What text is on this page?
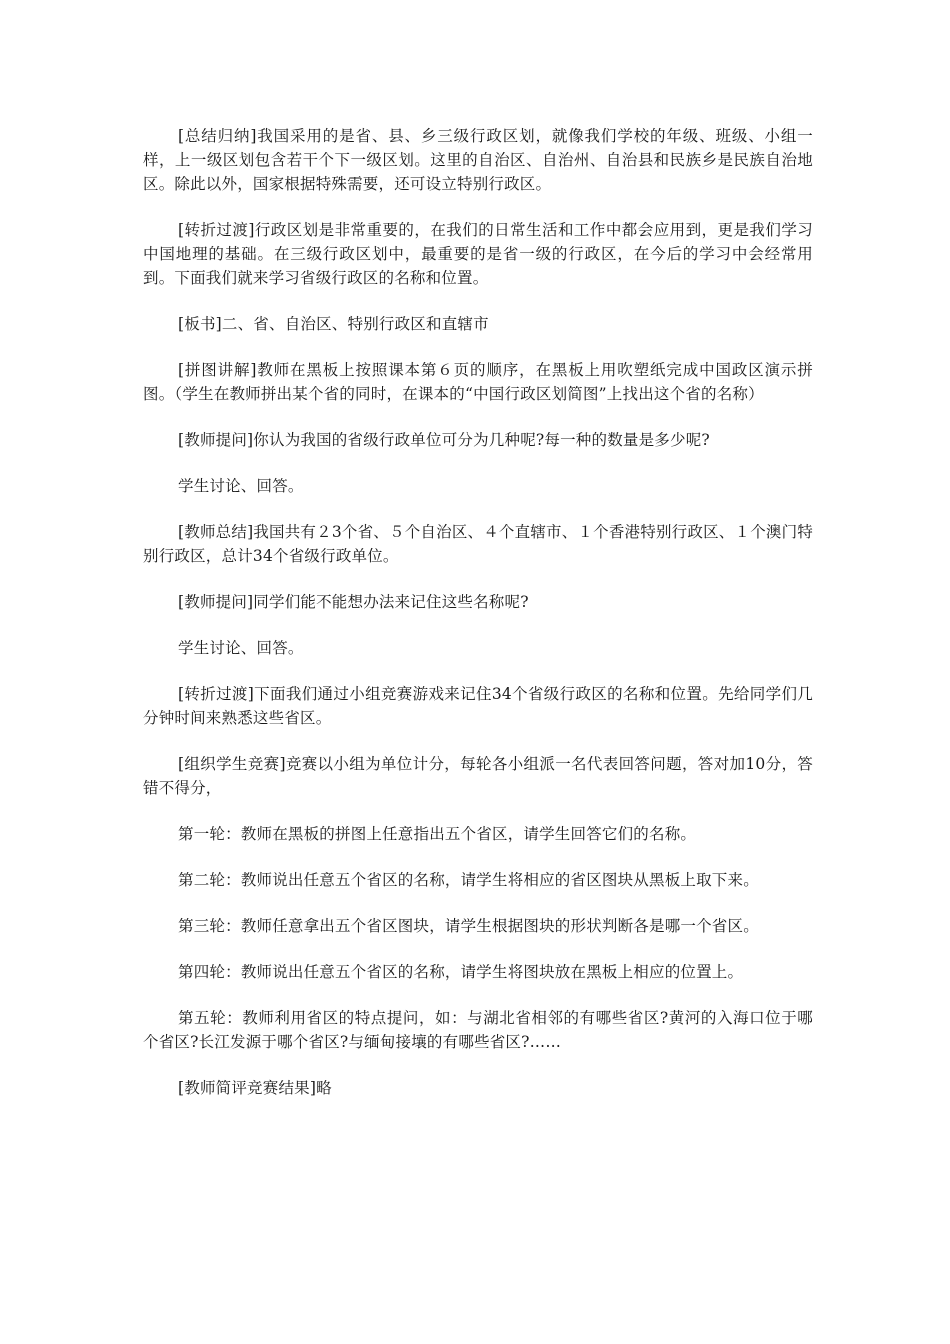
[总结归纳]我国采用的是省、县、乡三级行政区划，就像我们学校的年级、班级、小组一样，上一级区划包含若干个下一级区划。这里的自治区、自治州、自治县和民族乡是民族自治地区。除此以外，国家根据特殊需要，还可设立特别行政区。

[转折过渡]行政区划是非常重要的，在我们的日常生活和工作中都会应用到，更是我们学习中国地理的基础。在三级行政区划中，最重要的是省一级的行政区，在今后的学习中会经常用到。下面我们就来学习省级行政区的名称和位置。

[板书]二、省、自治区、特别行政区和直辖市

[拼图讲解]教师在黑板上按照课本第６页的顺序，在黑板上用吹塑纸完成中国政区演示拼图。（学生在教师拼出某个省的同时，在课本的“中国行政区划简图”上找出这个省的名称）

[教师提问]你认为我国的省级行政单位可分为几种呢?每一种的数量是多少呢?

学生讨论、回答。

[教师总结]我国共有２3个省、５个自治区、４个直辖市、１个香港特别行政区、１个澳门特别行政区，总计34个省级行政单位。

[教师提问]同学们能不能想办法来记住这些名称呢?

学生讨论、回答。

[转折过渡]下面我们通过小组竞赛游戏来记住34个省级行政区的名称和位置。先给同学们几分钟时间来熟悉这些省区。

[组织学生竞赛]竞赛以小组为单位计分，每轮各小组派一名代表回答问题，答对加10分，答错不得分，

第一轮：教师在黑板的拼图上任意指出五个省区，请学生回答它们的名称。

第二轮：教师说出任意五个省区的名称，请学生将相应的省区图块从黑板上取下来。

第三轮：教师任意拿出五个省区图块，请学生根据图块的形状判断各是哪一个省区。

第四轮：教师说出任意五个省区的名称，请学生将图块放在黑板上相应的位置上。

第五轮：教师利用省区的特点提问，如：与湖北省相邻的有哪些省区?黄河的入海口位于哪个省区?长江发源于哪个省区?与缅甸接壤的有哪些省区?……

[教师简评竞赛结果]略
